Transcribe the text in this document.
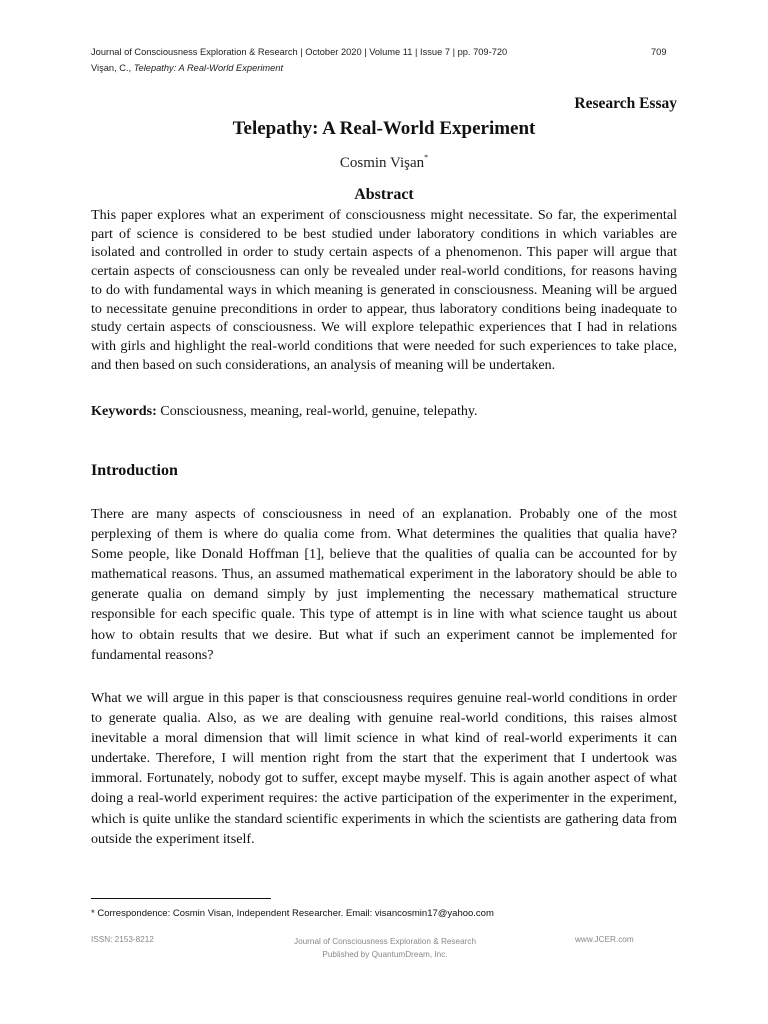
Journal of Consciousness Exploration & Research | October 2020 | Volume 11 | Issue 7 | pp. 709-720	709
Vişan, C., Telepathy: A Real-World Experiment
Research Essay
Telepathy: A Real-World Experiment
Cosmin Vişan*
Abstract
This paper explores what an experiment of consciousness might necessitate. So far, the experimental part of science is considered to be best studied under laboratory conditions in which variables are isolated and controlled in order to study certain aspects of a phenomenon. This paper will argue that certain aspects of consciousness can only be revealed under real-world conditions, for reasons having to do with fundamental ways in which meaning is generated in consciousness. Meaning will be argued to necessitate genuine preconditions in order to appear, thus laboratory conditions being inadequate to study certain aspects of consciousness. We will explore telepathic experiences that I had in relations with girls and highlight the real-world conditions that were needed for such experiences to take place, and then based on such considerations, an analysis of meaning will be undertaken.
Keywords: Consciousness, meaning, real-world, genuine, telepathy.
Introduction
There are many aspects of consciousness in need of an explanation. Probably one of the most perplexing of them is where do qualia come from. What determines the qualities that qualia have? Some people, like Donald Hoffman [1], believe that the qualities of qualia can be accounted for by mathematical reasons. Thus, an assumed mathematical experiment in the laboratory should be able to generate qualia on demand simply by just implementing the necessary mathematical structure responsible for each specific quale. This type of attempt is in line with what science taught us about how to obtain results that we desire. But what if such an experiment cannot be implemented for fundamental reasons?
What we will argue in this paper is that consciousness requires genuine real-world conditions in order to generate qualia. Also, as we are dealing with genuine real-world conditions, this raises almost inevitable a moral dimension that will limit science in what kind of real-world experiments it can undertake. Therefore, I will mention right from the start that the experiment that I undertook was immoral. Fortunately, nobody got to suffer, except maybe myself. This is again another aspect of what doing a real-world experiment requires: the active participation of the experimenter in the experiment, which is quite unlike the standard scientific experiments in which the scientists are gathering data from outside the experiment itself.
* Correspondence: Cosmin Visan, Independent Researcher. Email: visancosmin17@yahoo.com
ISSN: 2153-8212	Journal of Consciousness Exploration & Research
Published by QuantumDream, Inc.
www.JCER.com
